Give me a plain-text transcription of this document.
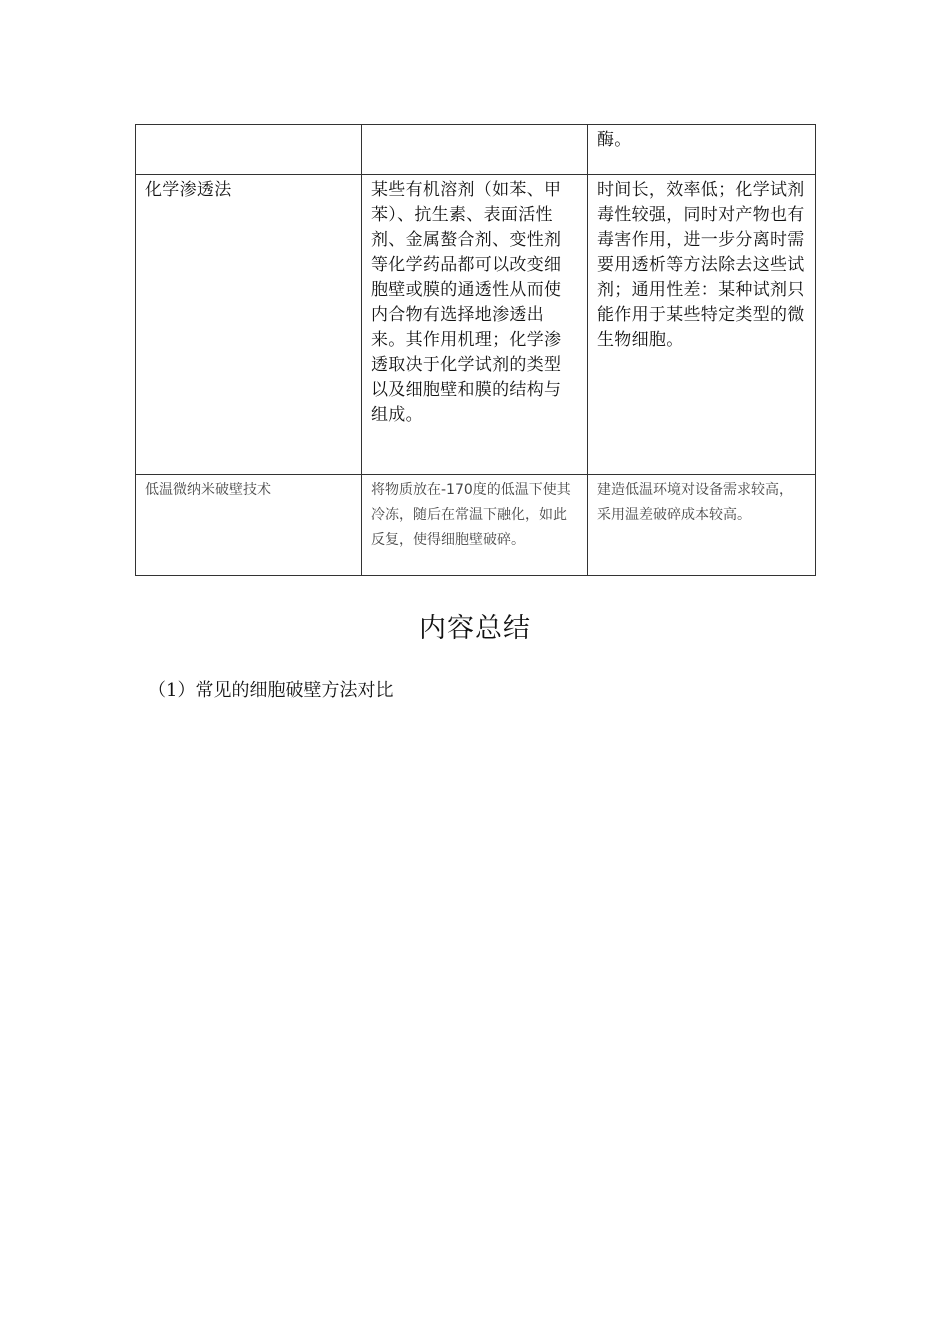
		酶。
化学渗透法	某些有机溶剂（如苯、甲苯）、抗生素、表面活性剂、金属螯合剂、变性剂等化学药品都可以改变细胞壁或膜的通透性从而使内合物有选择地渗透出来。其作用机理；化学渗透取决于化学试剂的类型以及细胞壁和膜的结构与组成。	时间长，效率低；化学试剂毒性较强，同时对产物也有毒害作用，进一步分离时需要用透析等方法除去这些试剂；通用性差：某种试剂只能作用于某些特定类型的微生物细胞。
低温微纳米破壁技术	将物质放在-170度的低温下使其冷冻，随后在常温下融化，如此反复，使得细胞壁破碎。	建造低温环境对设备需求较高，采用温差破碎成本较高。
内容总结
（1）常见的细胞破壁方法对比
